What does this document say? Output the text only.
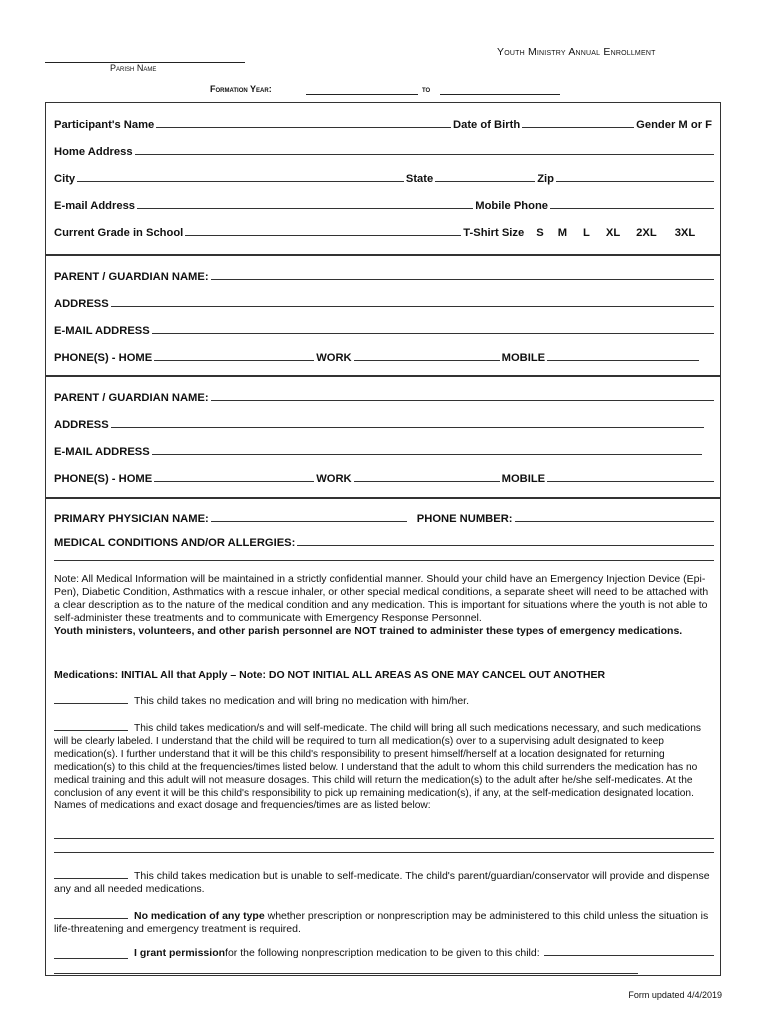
Parish Name
Youth Ministry Annual Enrollment
Formation Year:	to
Participant's Name	Date of Birth	Gender M or F
Home Address
City	State	Zip
E-mail Address	Mobile Phone
Current Grade in School	T-Shirt Size S M L XL 2XL 3XL
PARENT / GUARDIAN NAME:
ADDRESS
E-MAIL ADDRESS
PHONE(S) - HOME	WORK	MOBILE
PARENT / GUARDIAN NAME:
ADDRESS
E-MAIL ADDRESS
PHONE(S) - HOME	WORK	MOBILE
PRIMARY PHYSICIAN NAME:	PHONE NUMBER:
MEDICAL CONDITIONS AND/OR ALLERGIES:
Note: All Medical Information will be maintained in a strictly confidential manner. Should your child have an Emergency Injection Device (Epi-Pen), Diabetic Condition, Asthmatics with a rescue inhaler, or other special medical conditions, a separate sheet will need to be attached with a clear description as to the nature of the medical condition and any medication. This is important for situations where the youth is not able to self-administer these treatments and to communicate with Emergency Response Personnel.
Youth ministers, volunteers, and other parish personnel are NOT trained to administer these types of emergency medications.
Medications: INITIAL All that Apply – Note: DO NOT INITIAL ALL AREAS AS ONE MAY CANCEL OUT ANOTHER
This child takes no medication and will bring no medication with him/her.
This child takes medication/s and will self-medicate. The child will bring all such medications necessary, and such medications will be clearly labeled. I understand that the child will be required to turn all medication(s) over to a supervising adult designated to keep medication(s). I further understand that it will be this child's responsibility to present himself/herself at a location designated for returning medication(s) to this child at the frequencies/times listed below. I understand that the adult to whom this child surrenders the medication has no medical training and this adult will not measure dosages. This child will return the medication(s) to the adult after he/she self-medicates. At the conclusion of any event it will be this child's responsibility to pick up remaining medication(s), if any, at the self-medication designated location. Names of medications and exact dosage and frequencies/times are as listed below:
This child takes medication but is unable to self-medicate. The child's parent/guardian/conservator will provide and dispense any and all needed medications.
No medication of any type whether prescription or nonprescription may be administered to this child unless the situation is life-threatening and emergency treatment is required.
I grant permission for the following nonprescription medication to be given to this child:
Form updated 4/4/2019
